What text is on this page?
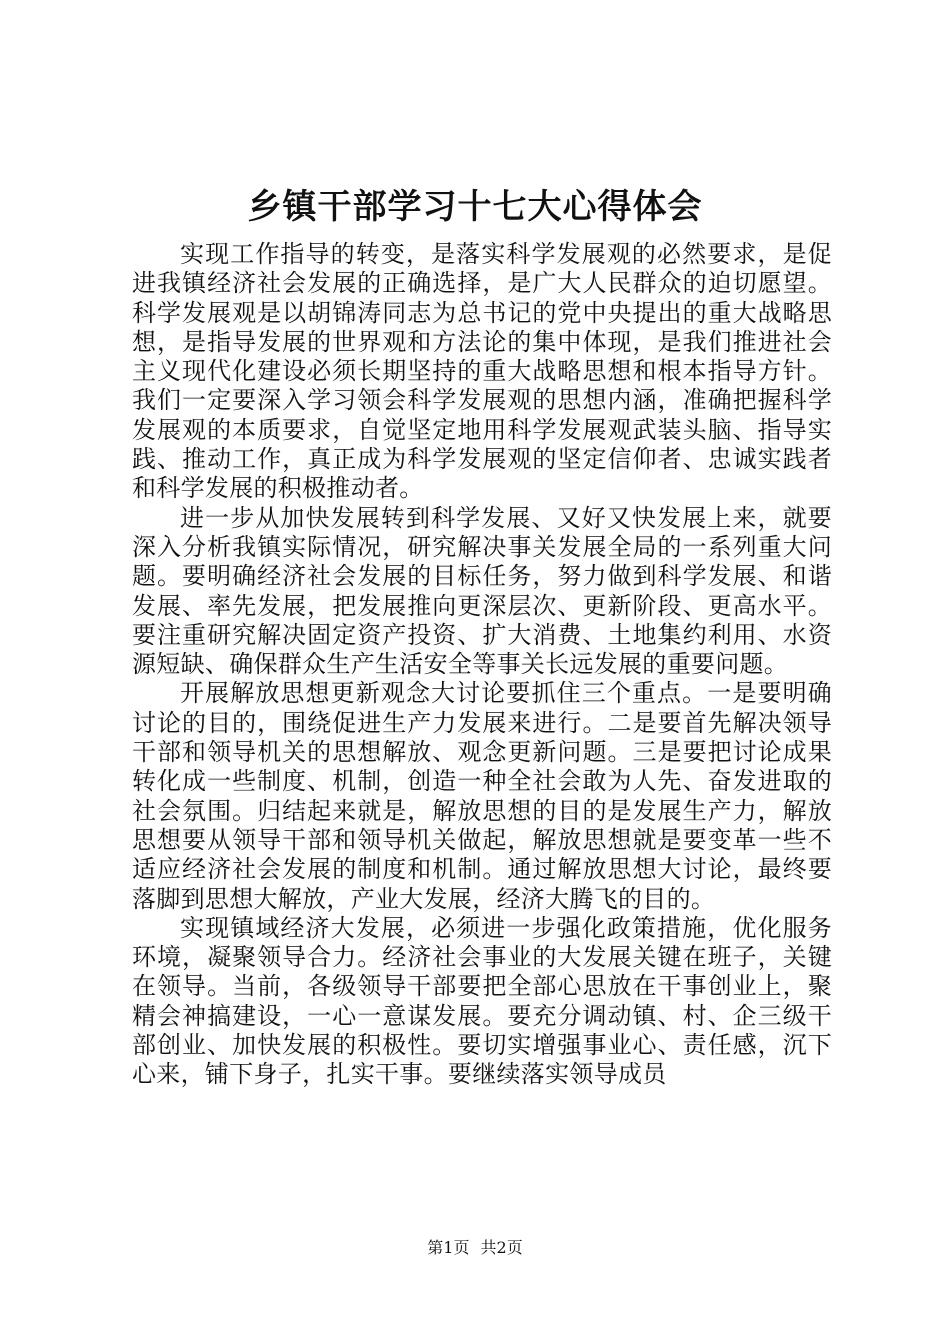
乡镇干部学习十七大心得体会

实现工作指导的转变，是落实科学发展观的必然要求，是促进我镇经济社会发展的正确选择，是广大人民群众的迫切愿望。科学发展观是以胡锦涛同志为总书记的党中央提出的重大战略思想，是指导发展的世界观和方法论的集中体现，是我们推进社会主义现代化建设必须长期坚持的重大战略思想和根本指导方针。我们一定要深入学习领会科学发展观的思想内涵，准确把握科学发展观的本质要求，自觉坚定地用科学发展观武装头脑、指导实践、推动工作，真正成为科学发展观的坚定信仰者、忠诚实践者和科学发展的积极推动者。

进一步从加快发展转到科学发展、又好又快发展上来，就要深入分析我镇实际情况，研究解决事关发展全局的一系列重大问题。要明确经济社会发展的目标任务，努力做到科学发展、和谐发展、率先发展，把发展推向更深层次、更新阶段、更高水平。要注重研究解决固定资产投资、扩大消费、土地集约利用、水资源短缺、确保群众生产生活安全等事关长远发展的重要问题。

开展解放思想更新观念大讨论要抓住三个重点。一是要明确讨论的目的，围绕促进生产力发展来进行。二是要首先解决领导干部和领导机关的思想解放、观念更新问题。三是要把讨论成果转化成一些制度、机制，创造一种全社会敢为人先、奋发进取的社会氛围。归结起来就是，解放思想的目的是发展生产力，解放思想要从领导干部和领导机关做起，解放思想就是要变革一些不适应经济社会发展的制度和机制。通过解放思想大讨论，最终要落脚到思想大解放，产业大发展，经济大腾飞的目的。

实现镇域经济大发展，必须进一步强化政策措施，优化服务环境，凝聚领导合力。经济社会事业的大发展关键在班子，关键在领导。当前，各级领导干部要把全部心思放在干事创业上，聚精会神搞建设，一心一意谋发展。要充分调动镇、村、企三级干部创业、加快发展的积极性。要切实增强事业心、责任感，沉下心来，铺下身子，扎实干事。要继续落实领导成员

第1页 共2页
